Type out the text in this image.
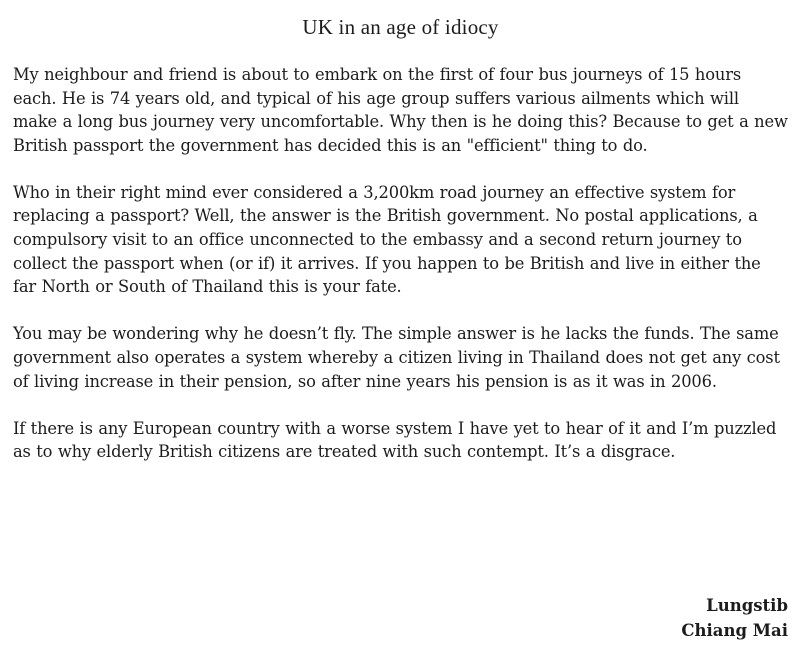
UK in an age of idiocy

My neighbour and friend is about to embark on the first of four bus journeys of 15 hours each. He is 74 years old, and typical of his age group suffers various ailments which will make a long bus journey very uncomfortable. Why then is he doing this? Because to get a new British passport the government has decided this is an "efficient" thing to do.

Who in their right mind ever considered a 3,200km road journey an effective system for replacing a passport? Well, the answer is the British government. No postal applications, a compulsory visit to an office unconnected to the embassy and a second return journey to collect the passport when (or if) it arrives. If you happen to be British and live in either the far North or South of Thailand this is your fate.

You may be wondering why he doesn’t fly. The simple answer is he lacks the funds. The same government also operates a system whereby a citizen living in Thailand does not get any cost of living increase in their pension, so after nine years his pension is as it was in 2006.

If there is any European country with a worse system I have yet to hear of it and I’m puzzled as to why elderly British citizens are treated with such contempt. It’s a disgrace.

Lungstib
Chiang Mai
